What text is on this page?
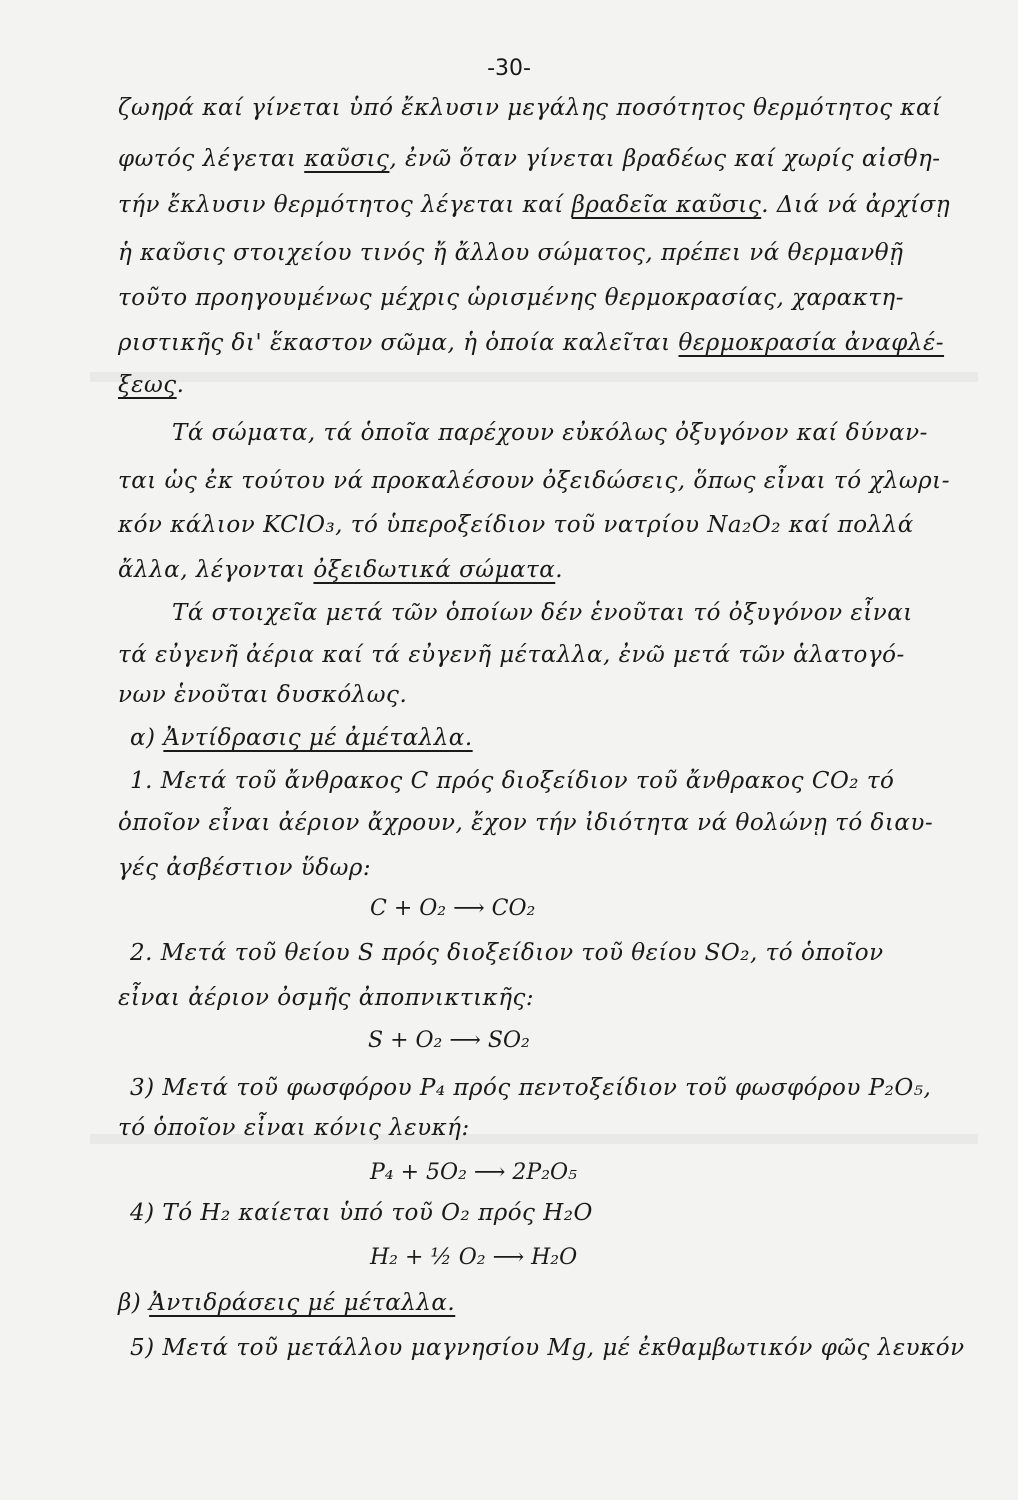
-30-
ζωηρά καί γίνεται ὑπό ἔκλυσιν μεγάλης ποσότητος θερμότητος καί
φωτός λέγεται καῦσις, ἐνῶ ὅταν γίνεται βραδέως καί χωρίς αἰσθη-
τήν ἔκλυσιν θερμότητος λέγεται καί βραδεῖα καῦσις. Διά νά ἀρχίσῃ
ἡ καῦσις στοιχείου τινός ἤ ἄλλου σώματος, πρέπει νά θερμανθῇ
τοῦτο προηγουμένως μέχρις ὡρισμένης θερμοκρασίας, χαρακτη-
ριστικῆς δι' ἕκαστον σῶμα, ἡ ὁποία καλεῖται θερμοκρασία ἀναφλέ-
ξεως.
Τά σώματα, τά ὁποῖα παρέχουν εὐκόλως ὀξυγόνον καί δύναν-
ται ὡς ἐκ τούτου νά προκαλέσουν ὀξειδώσεις, ὅπως εἶναι τό χλωρι-
κόν κάλιον KClO₃, τό ὑπεροξείδιον τοῦ νατρίου Na₂O₂ καί πολλά
ἄλλα, λέγονται ὀξειδωτικά σώματα.
Τά στοιχεῖα μετά τῶν ὁποίων δέν ἑνοῦται τό ὀξυγόνον εἶναι
τά εὐγενῆ ἀέρια καί τά εὐγενῆ μέταλλα, ἐνῶ μετά τῶν ἁλατογό-
νων ἑνοῦται δυσκόλως.
α) Ἀντίδρασις μέ ἀμέταλλα.
1. Μετά τοῦ ἄνθρακος C πρός διοξείδιον τοῦ ἄνθρακος CO₂ τό
ὁποῖον εἶναι ἀέριον ἄχρουν, ἔχον τήν ἰδιότητα νά θολώνῃ τό διαυ-
γές ἀσβέστιον ὕδωρ:
C + O₂ ⟶ CO₂
2. Μετά τοῦ θείου S πρός διοξείδιον τοῦ θείου SO₂, τό ὁποῖον
εἶναι ἀέριον ὀσμῆς ἀποπνικτικῆς:
S + O₂ ⟶ SO₂
3) Μετά τοῦ φωσφόρου P₄ πρός πεντοξείδιον τοῦ φωσφόρου P₂O₅,
τό ὁποῖον εἶναι κόνις λευκή:
P₄ + 5O₂ ⟶ 2P₂O₅
4) Τό H₂ καίεται ὑπό τοῦ O₂ πρός H₂O
H₂ + ½ O₂ ⟶ H₂O
β) Ἀντιδράσεις μέ μέταλλα.
5) Μετά τοῦ μετάλλου μαγνησίου Mg, μέ ἐκθαμβωτικόν φῶς λευκόν
